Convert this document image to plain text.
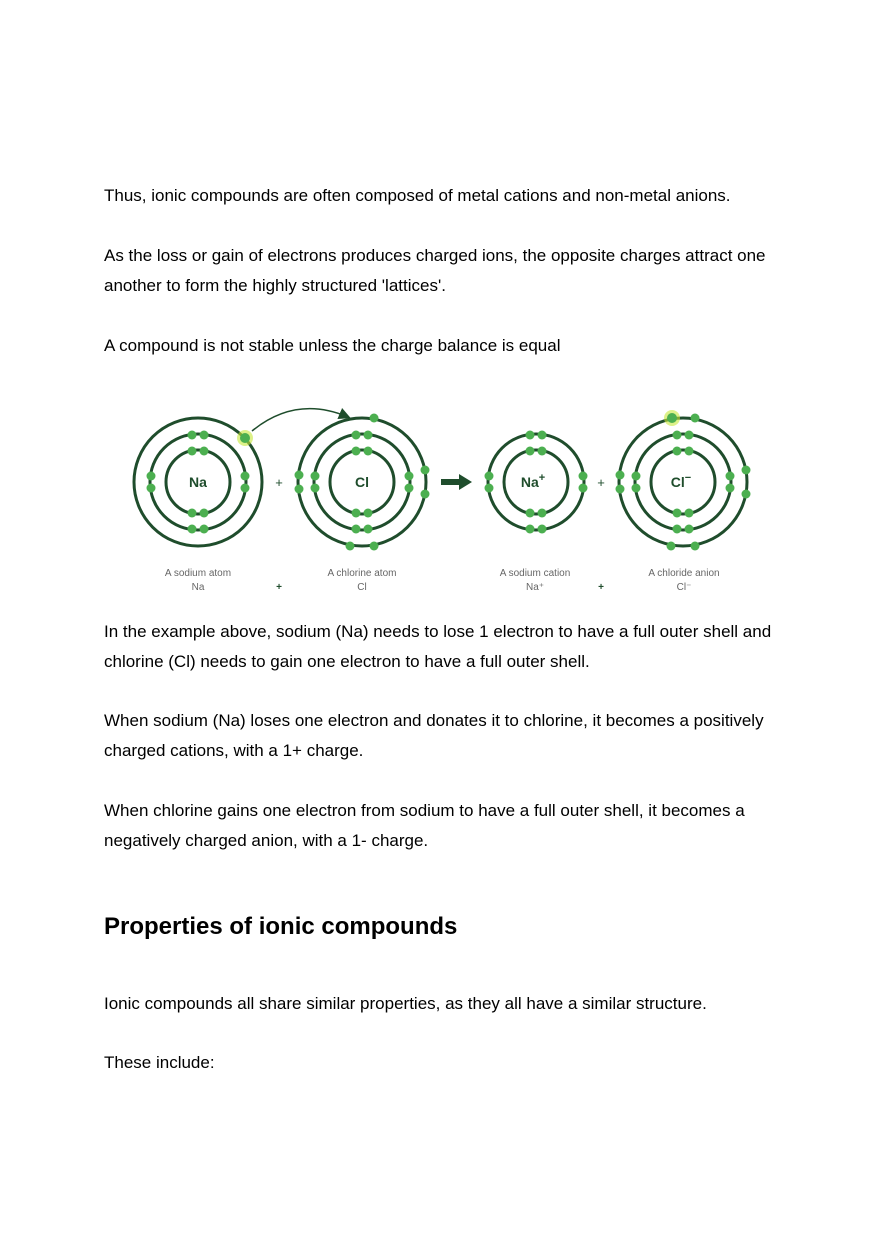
Thus, ionic compounds are often composed of metal cations and non-metal anions.

As the loss or gain of electrons produces charged ions, the opposite charges attract one another to form the highly structured 'lattices'.

A compound is not stable unless the charge balance is equal

Na	+	Cl	Na+	+	Cl−
A sodium atom
Na	+
A chlorine atom
Cl
A sodium cation
Na⁺	+
A chloride anion
Cl⁻

In the example above, sodium (Na) needs to lose 1 electron to have a full outer shell and chlorine (Cl) needs to gain one electron to have a full outer shell.

When sodium (Na) loses one electron and donates it to chlorine, it becomes a positively charged cations, with a 1+ charge.

When chlorine gains one electron from sodium to have a full outer shell, it becomes a negatively charged anion, with a 1- charge.

Properties of ionic compounds

Ionic compounds all share similar properties, as they all have a similar structure.

These include:
